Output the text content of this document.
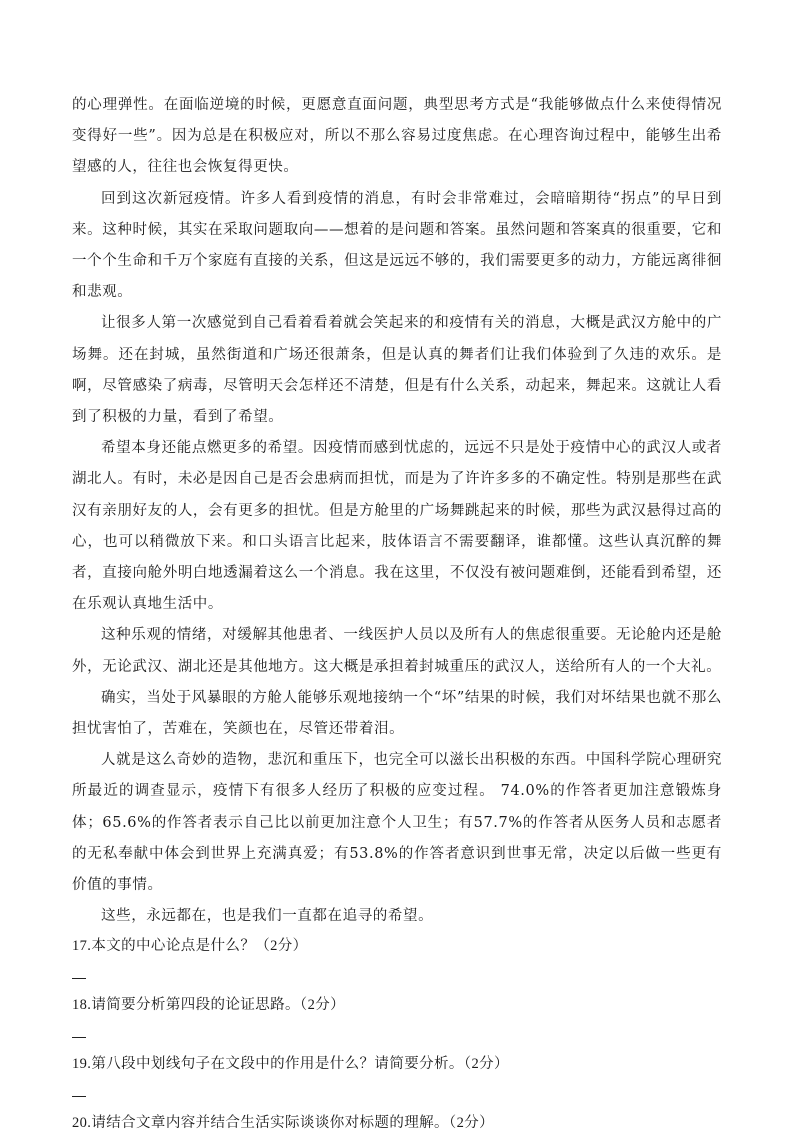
的心理弹性。在面临逆境的时候，更愿意直面问题，典型思考方式是“我能够做点什么来使得情况变得好一些”。因为总是在积极应对，所以不那么容易过度焦虑。在心理咨询过程中，能够生出希望感的人，往往也会恢复得更快。

回到这次新冠疫情。许多人看到疫情的消息，有时会非常难过，会暗暗期待“拐点”的早日到来。这种时候，其实在采取问题取向——想着的是问题和答案。虽然问题和答案真的很重要，它和一个个生命和千万个家庭有直接的关系，但这是远远不够的，我们需要更多的动力，方能远离徘徊和悲观。

让很多人第一次感觉到自己看着看着就会笑起来的和疫情有关的消息，大概是武汉方舱中的广场舞。还在封城，虽然街道和广场还很萧条，但是认真的舞者们让我们体验到了久违的欢乐。是啊，尽管感染了病毒，尽管明天会怎样还不清楚，但是有什么关系，动起来，舞起来。这就让人看到了积极的力量，看到了希望。

希望本身还能点燃更多的希望。因疫情而感到忧虑的，远远不只是处于疫情中心的武汉人或者湖北人。有时，未必是因自己是否会患病而担忧，而是为了许许多多的不确定性。特别是那些在武汉有亲朋好友的人，会有更多的担忧。但是方舱里的广场舞跳起来的时候，那些为武汉悬得过高的心，也可以稍微放下来。和口头语言比起来，肢体语言不需要翻译，谁都懂。这些认真沉醉的舞者，直接向舱外明白地透漏着这么一个消息。我在这里，不仅没有被问题难倒，还能看到希望，还在乐观认真地生活中。

这种乐观的情绪，对缓解其他患者、一线医护人员以及所有人的焦虑很重要。无论舱内还是舱外，无论武汉、湖北还是其他地方。这大概是承担着封城重压的武汉人，送给所有人的一个大礼。

确实，当处于风暴眼的方舱人能够乐观地接纳一个“坏”结果的时候，我们对坏结果也就不那么担忧害怕了，苦难在，笑颜也在，尽管还带着泪。

人就是这么奇妙的造物，悲沉和重压下，也完全可以滋长出积极的东西。中国科学院心理研究所最近的调查显示，疫情下有很多人经历了积极的应变过程。 74.0%的作答者更加注意锻炼身体；65.6%的作答者表示自己比以前更加注意个人卫生；有57.7%的作答者从医务人员和志愿者的无私奉献中体会到世界上充满真爱；有53.8%的作答者意识到世事无常，决定以后做一些更有价值的事情。

这些，永远都在，也是我们一直都在追寻的希望。

17.本文的中心论点是什么？（2分）

18.请简要分析第四段的论证思路。（2分）

19.第八段中划线句子在文段中的作用是什么？请简要分析。（2分）

20.请结合文章内容并结合生活实际谈谈你对标题的理解。（2分）
